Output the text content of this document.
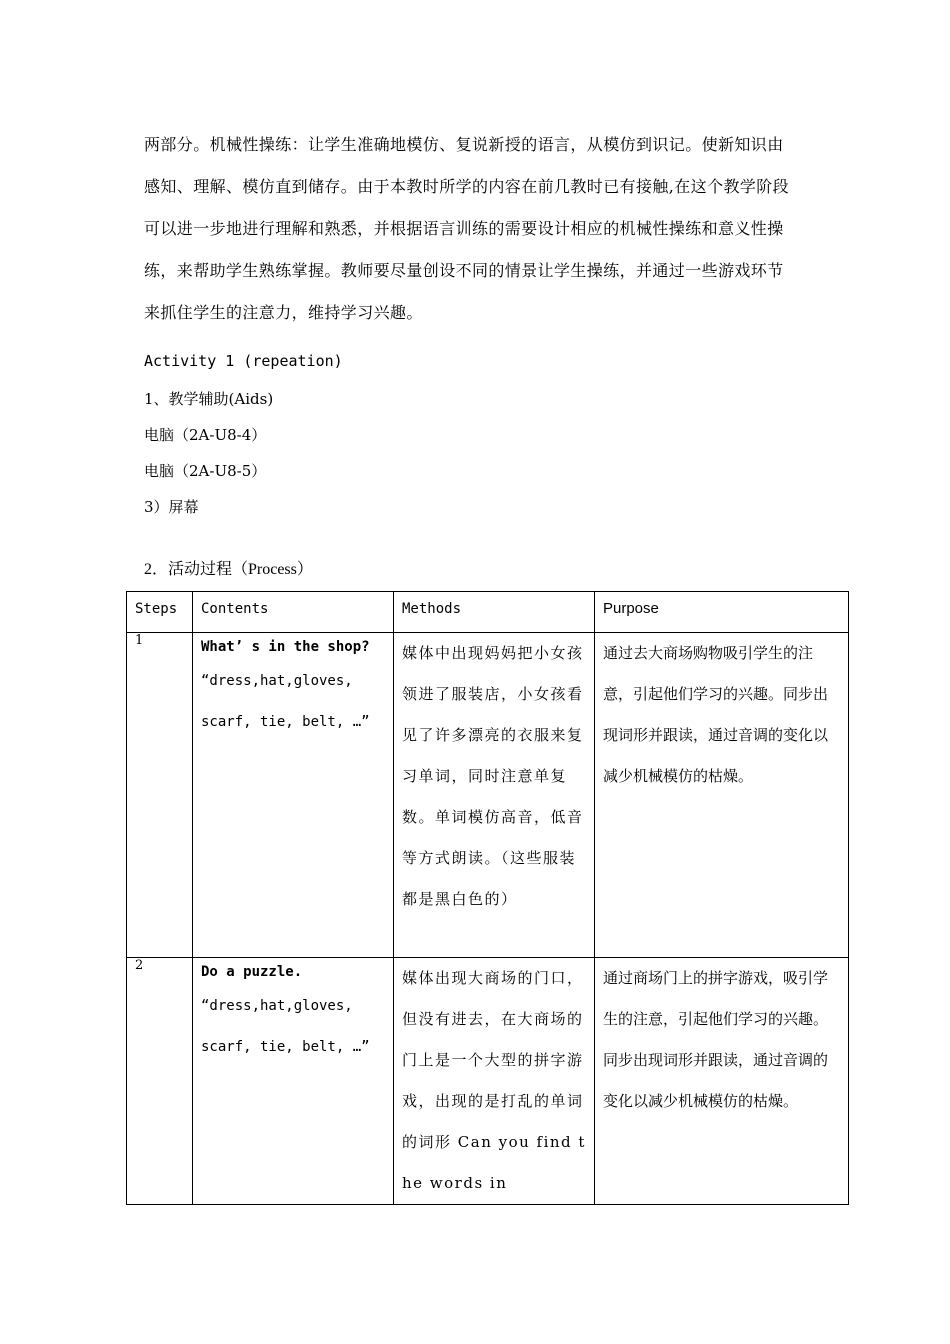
两部分。机械性操练：让学生准确地模仿、复说新授的语言，从模仿到识记。使新知识由
感知、理解、模仿直到储存。由于本教时所学的内容在前几教时已有接触,在这个教学阶段
可以进一步地进行理解和熟悉，并根据语言训练的需要设计相应的机械性操练和意义性操
练，来帮助学生熟练掌握。教师要尽量创设不同的情景让学生操练，并通过一些游戏环节
来抓住学生的注意力，维持学习兴趣。
Activity 1 (repeation)
1、教学辅助(Aids)
电脑（2A-U8-4）
电脑（2A-U8-5）
3）屏幕
2．活动过程（Process）
Steps	Contents	Methods	Purpose
1	What’ s in the shop?
“dress,hat,gloves, scarf, tie, belt, …”	媒体中出现妈妈把小女孩领进了服装店，小女孩看见了许多漂亮的衣服来复习单词，同时注意单复数。单词模仿高音，低音等方式朗读。（这些服装都是黑白色的）	通过去大商场购物吸引学生的注意，引起他们学习的兴趣。同步出现词形并跟读，通过音调的变化以减少机械模仿的枯燥。
2	Do a puzzle.
“dress,hat,gloves, scarf, tie, belt, …”	媒体出现大商场的门口，但没有进去，在大商场的门上是一个大型的拼字游戏，出现的是打乱的单词的词形 Can you find the words in	通过商场门上的拼字游戏，吸引学生的注意，引起他们学习的兴趣。同步出现词形并跟读，通过音调的变化以减少机械模仿的枯燥。
